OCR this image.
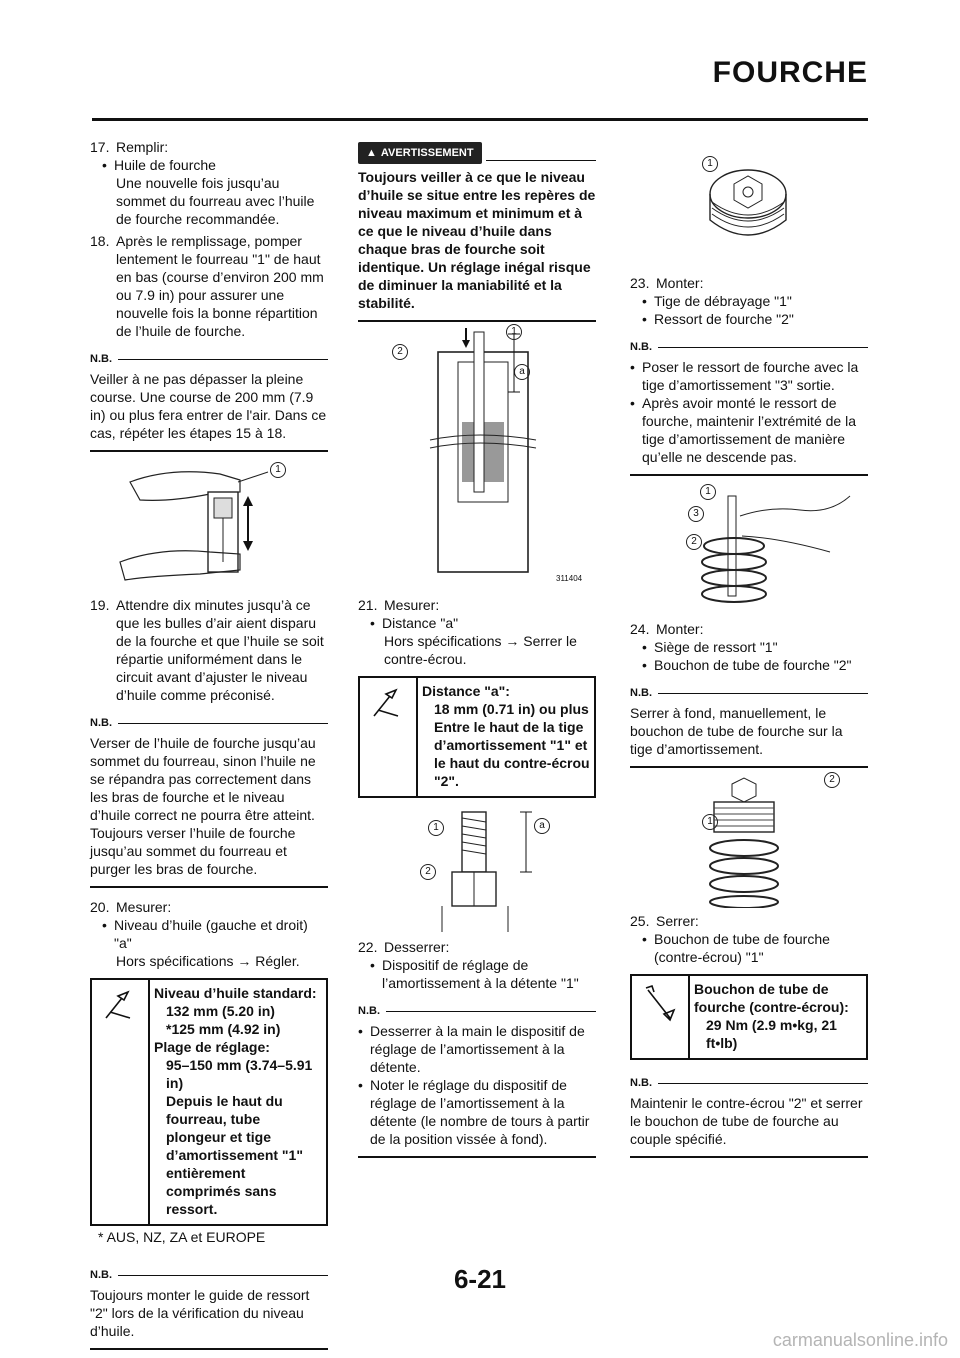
FOURCHE
17. Remplir:
• Huile de fourche
Une nouvelle fois jusqu’au sommet du fourreau avec l’huile de fourche recommandée.
18. Après le remplissage, pomper lentement le fourreau "1" de haut en bas (course d’environ 200 mm ou 7.9 in) pour assurer une nouvelle fois la bonne répartition de l’huile de fourche.
N.B.
Veiller à ne pas dépasser la pleine course. Une course de 200 mm (7.9 in) ou plus fera entrer de l'air. Dans ce cas, répéter les étapes 15 à 18.
1
19. Attendre dix minutes jusqu’à ce que les bulles d’air aient disparu de la fourche et que l’huile se soit répartie uniformément dans le circuit avant d’ajuster le niveau d’huile comme préconisé.
N.B.
Verser de l’huile de fourche jusqu’au sommet du fourreau, sinon l’huile ne se répandra pas correctement dans les bras de fourche et le niveau d’huile correct ne pourra être atteint. Toujours verser l’huile de fourche jusqu’au sommet du fourreau et purger les bras de fourche.
20. Mesurer:
• Niveau d’huile (gauche et droit) "a"
Hors spécifications → Régler.
Niveau d’huile standard:
132 mm (5.20 in)
*125 mm (4.92 in)
Plage de réglage:
95–150 mm (3.74–5.91 in)
Depuis le haut du fourreau, tube plongeur et tige d’amortissement "1" entièrement comprimés sans ressort.
* AUS, NZ, ZA et EUROPE
N.B.
Toujours monter le guide de ressort "2" lors de la vérification du niveau d’huile.
▲ AVERTISSEMENT
Toujours veiller à ce que le niveau d’huile se situe entre les repères de niveau maximum et minimum et à ce que le niveau d’huile dans chaque bras de fourche soit identique. Un réglage inégal risque de diminuer la maniabilité et la stabilité.
1
2
a
311404
21. Mesurer:
• Distance "a"
Hors spécifications → Serrer le contre-écrou.
Distance "a":
18 mm (0.71 in) ou plus Entre le haut de la tige d’amortissement "1" et le haut du contre-écrou "2".
1
2
a
22. Desserrer:
• Dispositif de réglage de l’amortissement à la détente "1"
N.B.
• Desserrer à la main le dispositif de réglage de l’amortissement à la détente.
• Noter le réglage du dispositif de réglage de l’amortissement à la détente (le nombre de tours à partir de la position vissée à fond).
1
23. Monter:
• Tige de débrayage "1"
• Ressort de fourche "2"
N.B.
• Poser le ressort de fourche avec la tige d’amortissement "3" sortie.
• Après avoir monté le ressort de fourche, maintenir l’extrémité de la tige d’amortissement de manière qu’elle ne descende pas.
1
2
3
24. Monter:
• Siège de ressort "1"
• Bouchon de tube de fourche "2"
N.B.
Serrer à fond, manuellement, le bouchon de tube de fourche sur la tige d’amortissement.
2
1
25. Serrer:
• Bouchon de tube de fourche (contre-écrou) "1"
Bouchon de tube de fourche (contre-écrou):
29 Nm (2.9 m•kg, 21 ft•lb)
N.B.
Maintenir le contre-écrou "2" et serrer le bouchon de tube de fourche au couple spécifié.
6-21
carmanualsonline.info
